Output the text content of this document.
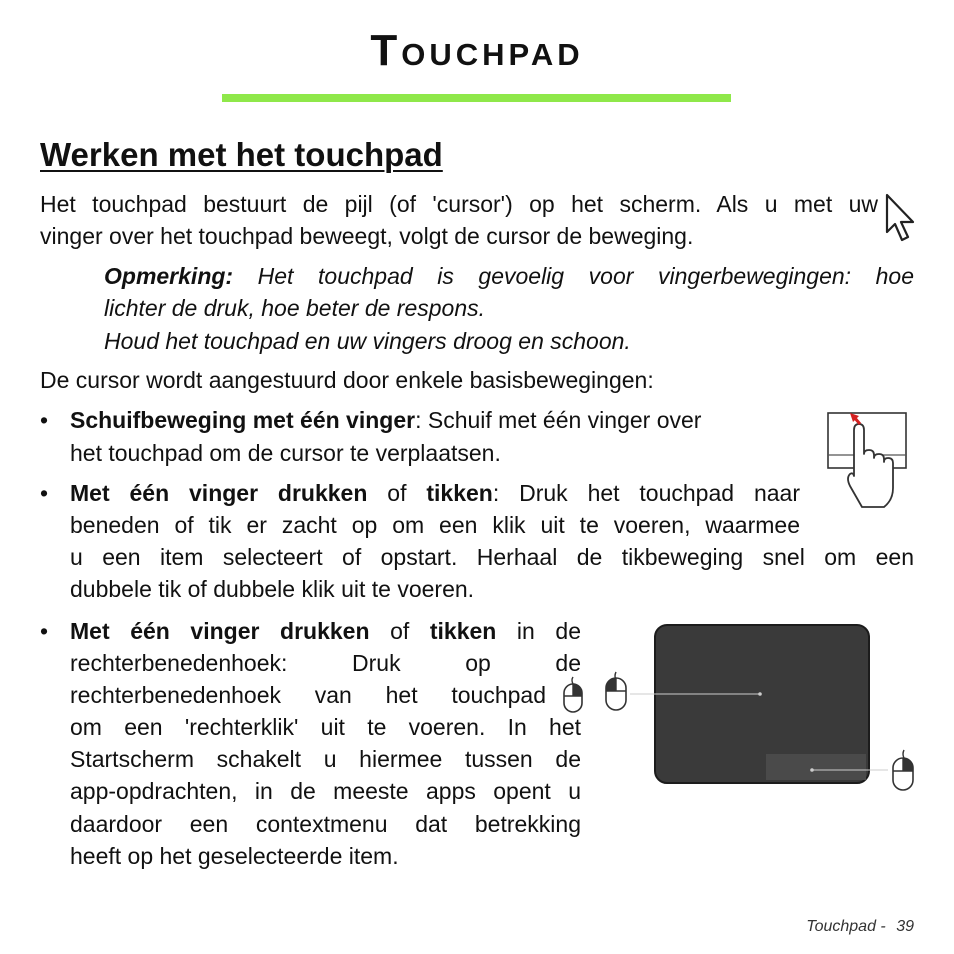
Touchpad
Werken met het touchpad
Het touchpad bestuurt de pijl (of 'cursor') op het scherm. Als u met uw
vinger over het touchpad beweegt, volgt de cursor de beweging.
Opmerking: Het touchpad is gevoelig voor vingerbewegingen: hoe
lichter de druk, hoe beter de respons.
Houd het touchpad en uw vingers droog en schoon.
De cursor wordt aangestuurd door enkele basisbewegingen:
• Schuifbeweging met één vinger: Schuif met één vinger over
het touchpad om de cursor te verplaatsen.
• Met één vinger drukken of tikken: Druk het touchpad naar
beneden of tik er zacht op om een klik uit te voeren, waarmee
u een item selecteert of opstart. Herhaal de tikbeweging snel om een
dubbele tik of dubbele klik uit te voeren.
• Met één vinger drukken of tikken in de
rechterbenedenhoek: Druk op de
rechterbenedenhoek van het touchpad
om een 'rechterklik' uit te voeren. In het
Startscherm schakelt u hiermee tussen de
app-opdrachten, in de meeste apps opent u
daardoor een contextmenu dat betrekking
heeft op het geselecteerde item.
Touchpad - 39
